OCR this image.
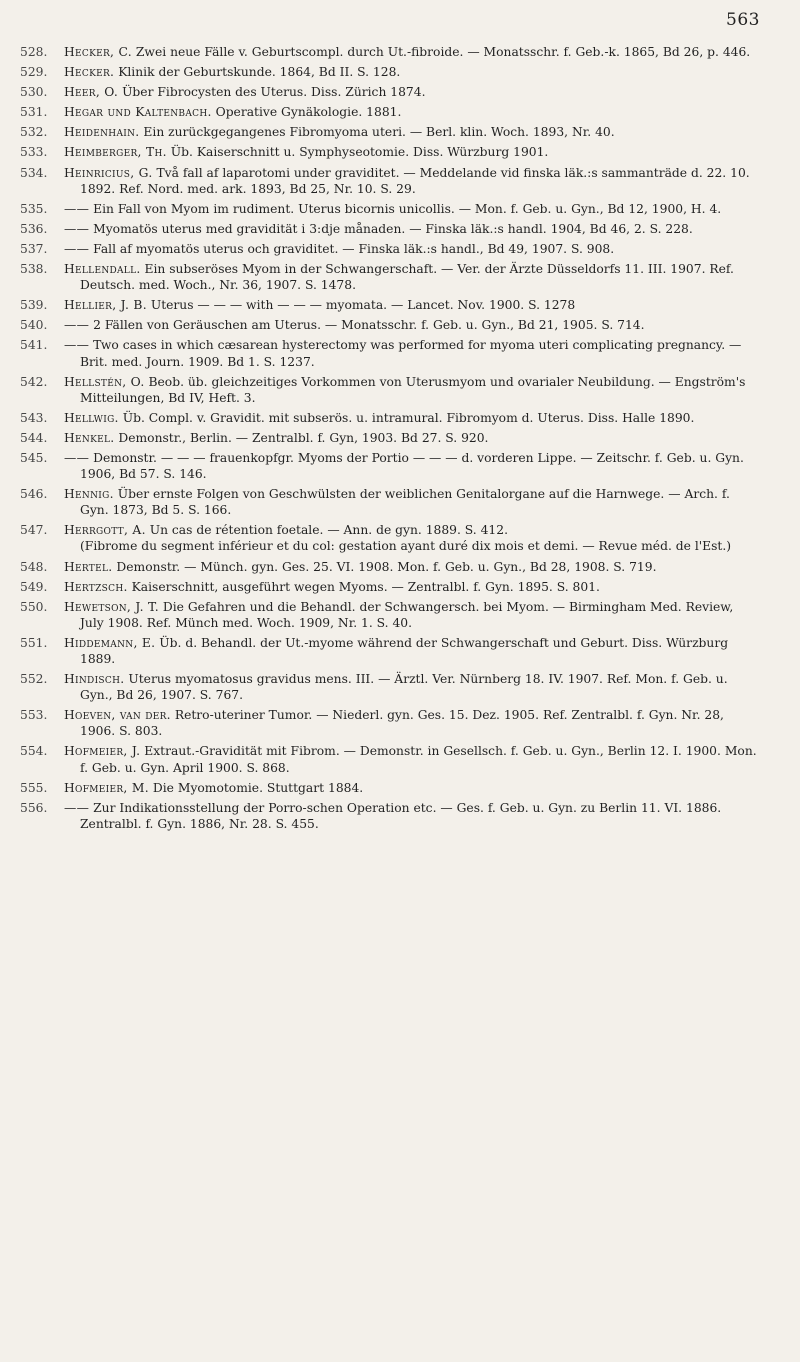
563
528.	Hecker, C. Zwei neue Fälle v. Geburtscompl. durch Ut.-fibroide. — Monatsschr. f. Geb.-k. 1865, Bd 26, p. 446.
529.	Hecker. Klinik der Geburtskunde. 1864, Bd II. S. 128.
530.	Heer, O. Über Fibrocysten des Uterus. Diss. Zürich 1874.
531.	Hegar und Kaltenbach. Operative Gynäkologie. 1881.
532.	Heidenhain. Ein zurückgegangenes Fibromyoma uteri. — Berl. klin. Woch. 1893, Nr. 40.
533.	Heimberger, Th. Üb. Kaiserschnitt u. Symphyseotomie. Diss. Würzburg 1901.
534.	Heinricius, G. Två fall af laparotomi under graviditet. — Meddelande vid finska läk.:s sammanträde d. 22. 10. 1892. Ref. Nord. med. ark. 1893, Bd 25, Nr. 10. S. 29.
535.	—— Ein Fall von Myom im rudiment. Uterus bicornis unicollis. — Mon. f. Geb. u. Gyn., Bd 12, 1900, H. 4.
536.	—— Myomatös uterus med gravidität i 3:dje månaden. — Finska läk.:s handl. 1904, Bd 46, 2. S. 228.
537.	—— Fall af myomatös uterus och graviditet. — Finska läk.:s handl., Bd 49, 1907. S. 908.
538.	Hellendall. Ein subseröses Myom in der Schwangerschaft. — Ver. der Ärzte Düsseldorfs 11. III. 1907. Ref. Deutsch. med. Woch., Nr. 36, 1907. S. 1478.
539.	Hellier, J. B. Uterus — — — with — — — myomata. — Lancet. Nov. 1900. S. 1278
540.	—— 2 Fällen von Geräuschen am Uterus. — Monatsschr. f. Geb. u. Gyn., Bd 21, 1905. S. 714.
541.	—— Two cases in which cæsarean hysterectomy was performed for myoma uteri complicating pregnancy. — Brit. med. Journ. 1909. Bd 1. S. 1237.
542.	Hellstén, O. Beob. üb. gleichzeitiges Vorkommen von Uterusmyom und ovarialer Neubildung. — Engström's Mitteilungen, Bd IV, Heft. 3.
543.	Hellwig. Üb. Compl. v. Gravidit. mit subserös. u. intramural. Fibromyom d. Uterus. Diss. Halle 1890.
544.	Henkel. Demonstr., Berlin. — Zentralbl. f. Gyn, 1903. Bd 27. S. 920.
545.	—— Demonstr. — — — frauenkopfgr. Myoms der Portio — — — d. vorderen Lippe. — Zeitschr. f. Geb. u. Gyn. 1906, Bd 57. S. 146.
546.	Hennig. Über ernste Folgen von Geschwülsten der weiblichen Genitalorgane auf die Harnwege. — Arch. f. Gyn. 1873, Bd 5. S. 166.
547.	Herrgott, A. Un cas de rétention foetale. — Ann. de gyn. 1889. S. 412.
(Fibrome du segment inférieur et du col: gestation ayant duré dix mois et demi. — Revue méd. de l'Est.)
548.	Hertel. Demonstr. — Münch. gyn. Ges. 25. VI. 1908. Mon. f. Geb. u. Gyn., Bd 28, 1908. S. 719.
549.	Hertzsch. Kaiserschnitt, ausgeführt wegen Myoms. — Zentralbl. f. Gyn. 1895. S. 801.
550.	Hewetson, J. T. Die Gefahren und die Behandl. der Schwangersch. bei Myom. — Birmingham Med. Review, July 1908. Ref. Münch med. Woch. 1909, Nr. 1. S. 40.
551.	Hiddemann, E. Üb. d. Behandl. der Ut.-myome während der Schwangerschaft und Geburt. Diss. Würzburg 1889.
552.	Hindisch. Uterus myomatosus gravidus mens. III. — Ärztl. Ver. Nürnberg 18. IV. 1907. Ref. Mon. f. Geb. u. Gyn., Bd 26, 1907. S. 767.
553.	Hoeven, van der. Retro-uteriner Tumor. — Niederl. gyn. Ges. 15. Dez. 1905. Ref. Zentralbl. f. Gyn. Nr. 28, 1906. S. 803.
554.	Hofmeier, J. Extraut.-Gravidität mit Fibrom. — Demonstr. in Gesellsch. f. Geb. u. Gyn., Berlin 12. I. 1900. Mon. f. Geb. u. Gyn. April 1900. S. 868.
555.	Hofmeier, M. Die Myomotomie. Stuttgart 1884.
556.	—— Zur Indikationsstellung der Porro-schen Operation etc. — Ges. f. Geb. u. Gyn. zu Berlin 11. VI. 1886. Zentralbl. f. Gyn. 1886, Nr. 28. S. 455.
